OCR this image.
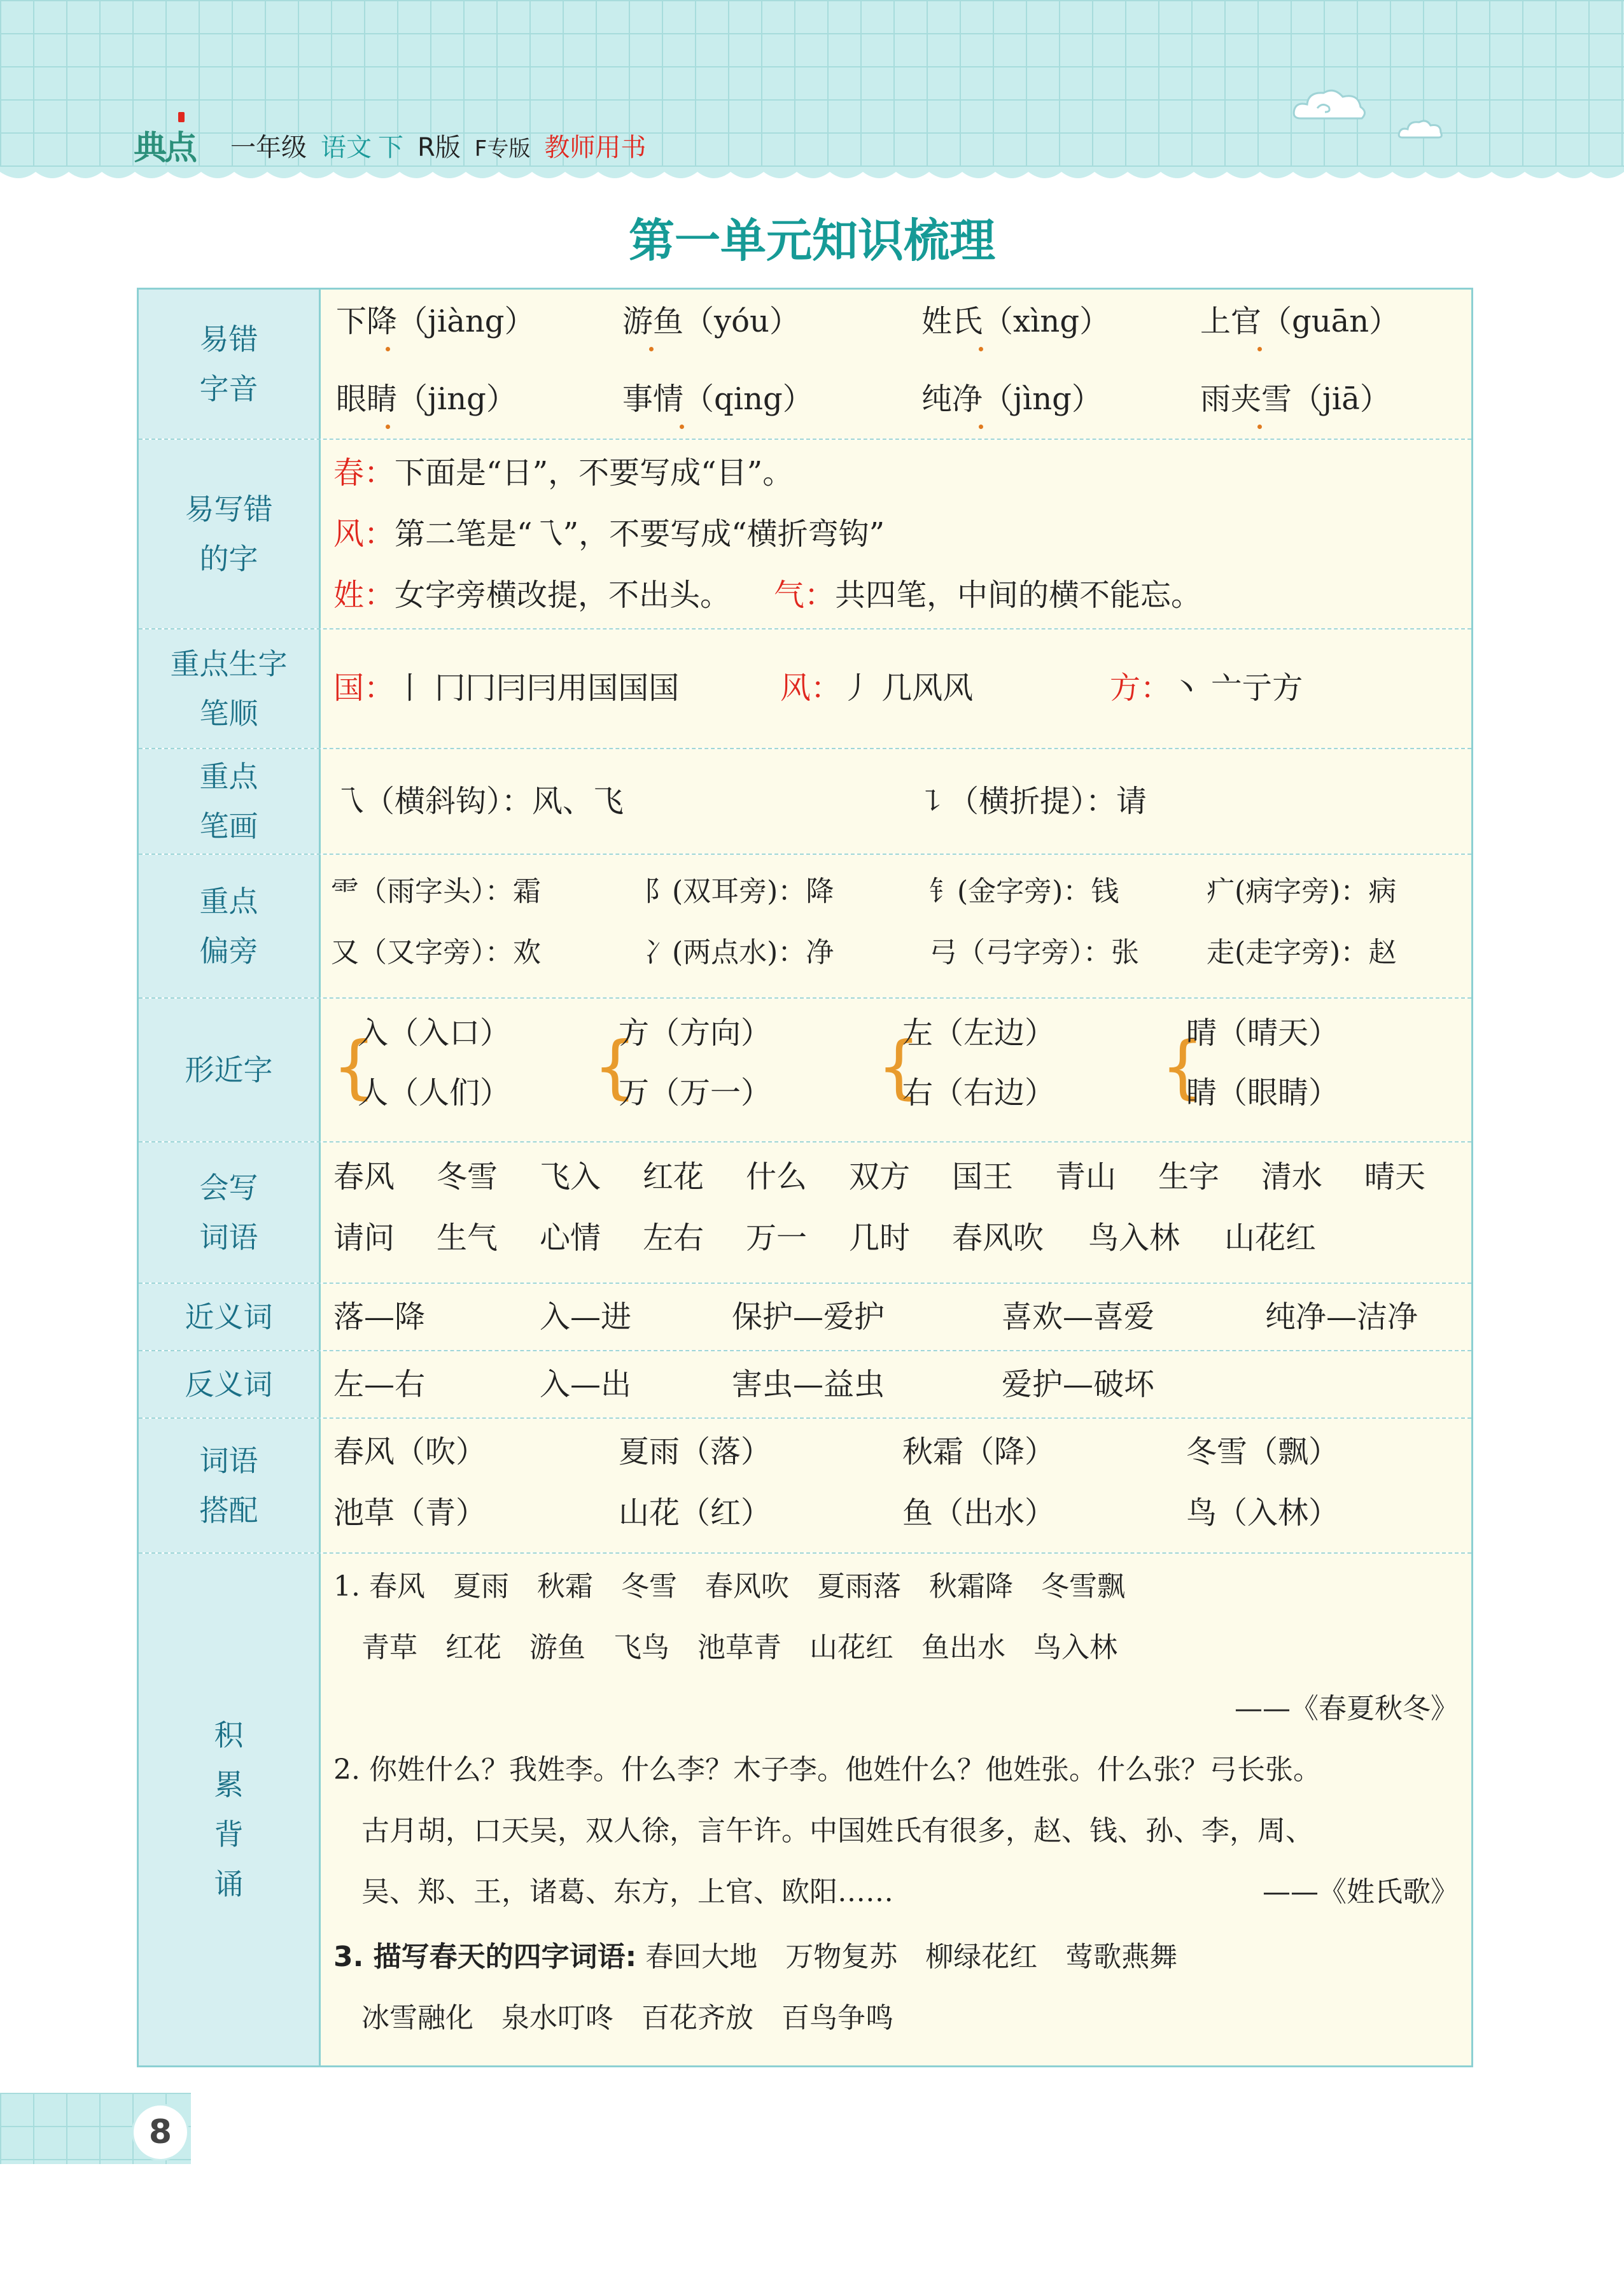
典点 一年级 语文 下 R版 F专版 教师用书
第一单元知识梳理
易错
字音
下降（jiàng）	游鱼（yóu）	姓氏（xìng）	上官（guān）
眼睛（jing）	事情（qing）	纯净（jìng）	雨夹雪（jiā）
易写错
的字
春：下面是“日”，不要写成“目”。
风：第二笔是“乁”，不要写成“横折弯钩”
姓：女字旁横改提，不出头。 气：共四笔，中间的横不能忘。
重点生字
笔顺
国：丨 冂冂冃冃用国国国	风：丿 几风风	方：丶 亠亍方
重点
笔画
乁（横斜钩）：风、飞	㇊（横折提）：请
重点
偏旁
⻗（雨字头）：霜	阝(双耳旁)：降	钅(金字旁)：钱	疒(病字旁)：病
又（又字旁）：欢	冫(两点水)：净	弓（弓字旁）：张 走(走字旁)：赵
形近字 {
入（入口）
人（人们） {
方（方向）
万（万一） {
左（左边）
右（右边） {
晴（晴天）
睛（眼睛）
会写
词语
春风 冬雪 飞入 红花 什么 双方 国王 青山 生字 清水 晴天
请问 生气 心情 左右 万一 几时 春风吹 鸟入林 山花红
近义词 落—降	入—进	保护—爱护	喜欢—喜爱	纯净—洁净
反义词 左—右	入—出	害虫—益虫	爱护—破坏
词语
搭配
春风（吹）	夏雨（落）	秋霜（降）	冬雪（飘）
池草（青）	山花（红）	鱼（出水）	鸟（入林）
积
累
背
诵
1. 春风　夏雨　秋霜　冬雪　春风吹　夏雨落　秋霜降　冬雪飘
青草　红花　游鱼　飞鸟　池草青　山花红　鱼出水　鸟入林
——《春夏秋冬》
2. 你姓什么？我姓李。什么李？木子李。他姓什么？他姓张。什么张？弓长张。
古月胡，口天吴，双人徐，言午许。中国姓氏有很多，赵、钱、孙、李，周、
吴、郑、王，诸葛、东方，上官、欧阳……	——《姓氏歌》
3. 描写春天的四字词语: 春回大地　万物复苏　柳绿花红　莺歌燕舞
冰雪融化　泉水叮咚　百花齐放　百鸟争鸣
8
